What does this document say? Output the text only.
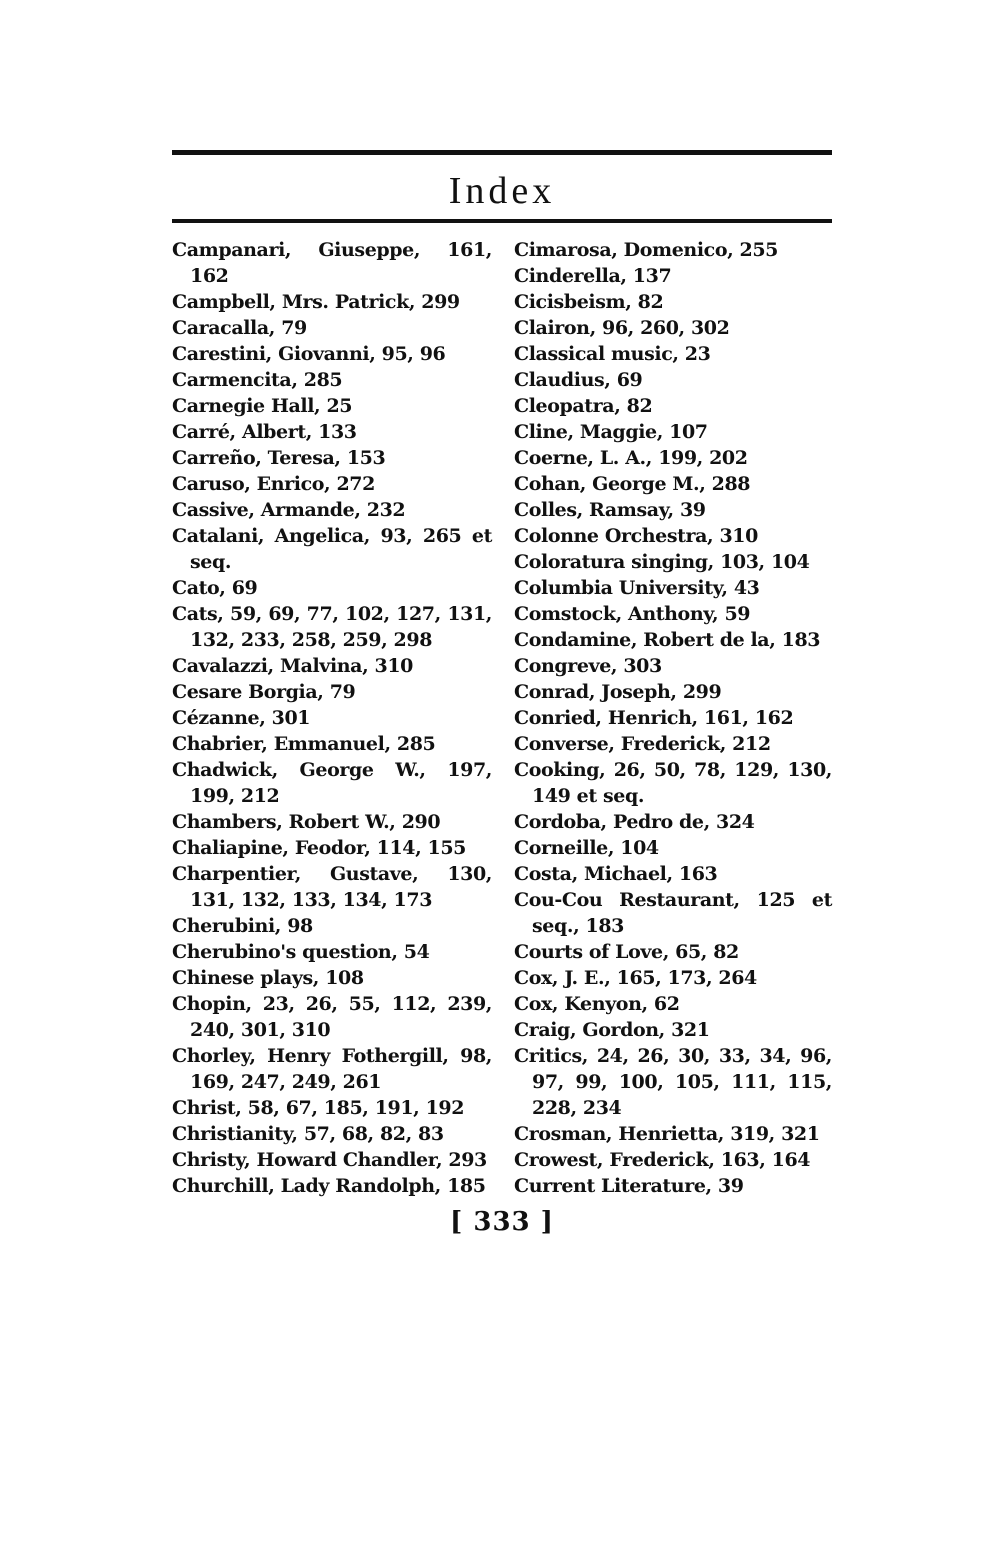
Index
Campanari, Giuseppe, 161, 162
Campbell, Mrs. Patrick, 299
Caracalla, 79
Carestini, Giovanni, 95, 96
Carmencita, 285
Carnegie Hall, 25
Carré, Albert, 133
Carreño, Teresa, 153
Caruso, Enrico, 272
Cassive, Armande, 232
Catalani, Angelica, 93, 265 et seq.
Cato, 69
Cats, 59, 69, 77, 102, 127, 131, 132, 233, 258, 259, 298
Cavalazzi, Malvina, 310
Cesare Borgia, 79
Cézanne, 301
Chabrier, Emmanuel, 285
Chadwick, George W., 197, 199, 212
Chambers, Robert W., 290
Chaliapine, Feodor, 114, 155
Charpentier, Gustave, 130, 131, 132, 133, 134, 173
Cherubini, 98
Cherubino's question, 54
Chinese plays, 108
Chopin, 23, 26, 55, 112, 239, 240, 301, 310
Chorley, Henry Fothergill, 98, 169, 247, 249, 261
Christ, 58, 67, 185, 191, 192
Christianity, 57, 68, 82, 83
Christy, Howard Chandler, 293
Churchill, Lady Randolph, 185
Cimarosa, Domenico, 255
Cinderella, 137
Cicisbeism, 82
Clairon, 96, 260, 302
Classical music, 23
Claudius, 69
Cleopatra, 82
Cline, Maggie, 107
Coerne, L. A., 199, 202
Cohan, George M., 288
Colles, Ramsay, 39
Colonne Orchestra, 310
Coloratura singing, 103, 104
Columbia University, 43
Comstock, Anthony, 59
Condamine, Robert de la, 183
Congreve, 303
Conrad, Joseph, 299
Conried, Henrich, 161, 162
Converse, Frederick, 212
Cooking, 26, 50, 78, 129, 130, 149 et seq.
Cordoba, Pedro de, 324
Corneille, 104
Costa, Michael, 163
Cou-Cou Restaurant, 125 et seq., 183
Courts of Love, 65, 82
Cox, J. E., 165, 173, 264
Cox, Kenyon, 62
Craig, Gordon, 321
Critics, 24, 26, 30, 33, 34, 96, 97, 99, 100, 105, 111, 115, 228, 234
Crosman, Henrietta, 319, 321
Crowest, Frederick, 163, 164
Current Literature, 39
[ 333 ]
